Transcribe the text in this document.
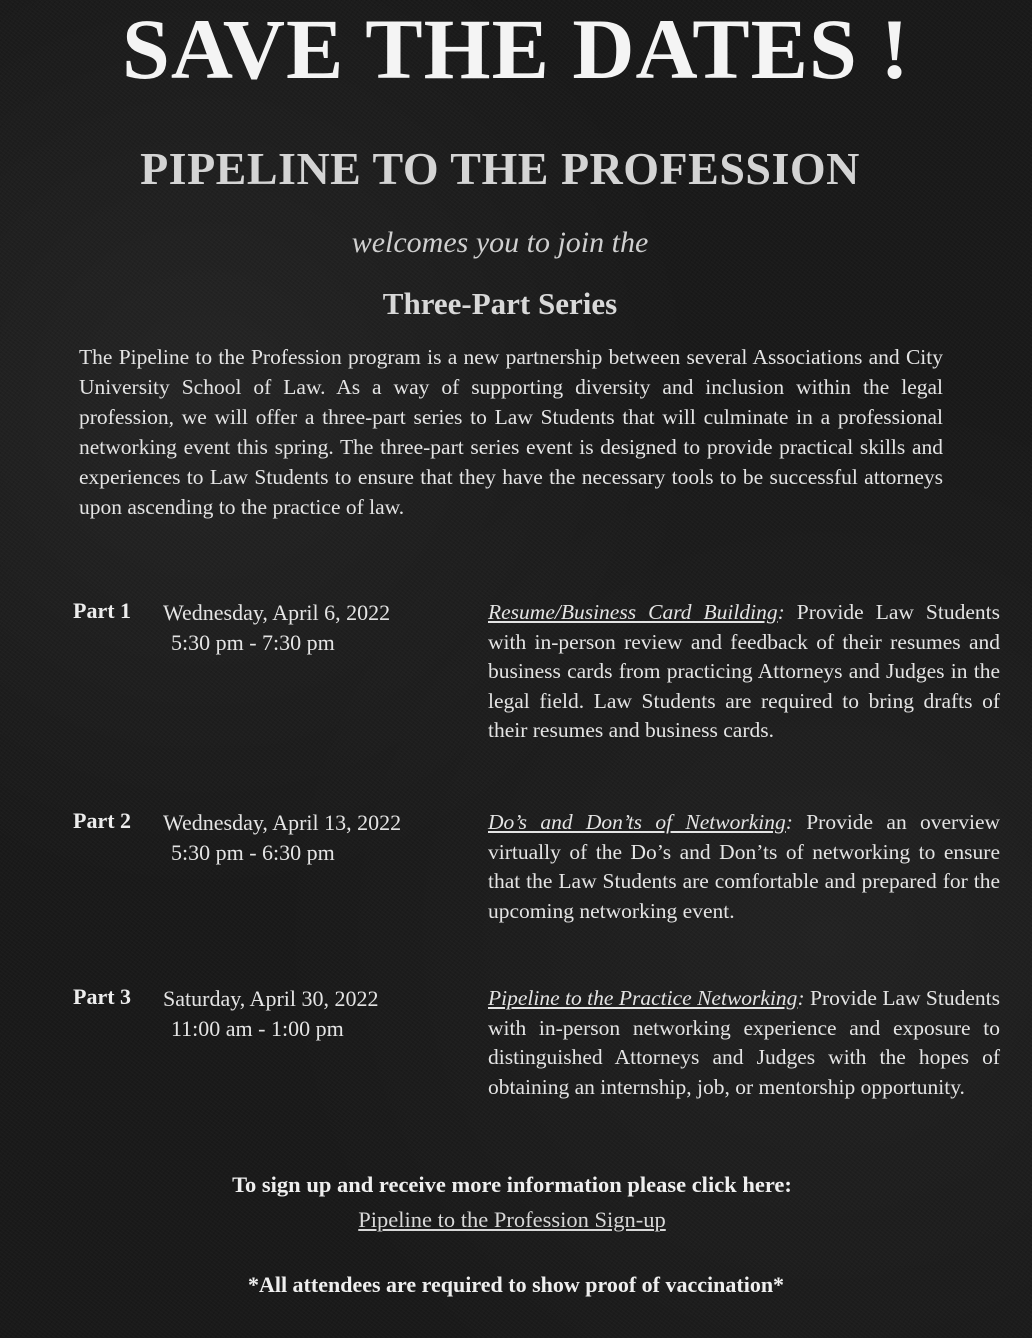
SAVE THE DATES !
PIPELINE TO THE PROFESSION
welcomes you to join the
Three-Part Series
The Pipeline to the Profession program is a new partnership between several Associations and City University School of Law. As a way of supporting diversity and inclusion within the legal profession, we will offer a three-part series to Law Students that will culminate in a professional networking event this spring. The three-part series event is designed to provide practical skills and experiences to Law Students to ensure that they have the necessary tools to be successful attorneys upon ascending to the practice of law.
Part 1 Wednesday, April 6, 2022
5:30 pm - 7:30 pm
Resume/Business Card Building: Provide Law Students with in-person review and feedback of their resumes and business cards from practicing Attorneys and Judges in the legal field. Law Students are required to bring drafts of their resumes and business cards.
Part 2 Wednesday, April 13, 2022
5:30 pm - 6:30 pm
Do’s and Don’ts of Networking: Provide an overview virtually of the Do’s and Don’ts of networking to ensure that the Law Students are comfortable and prepared for the upcoming networking event.
Part 3 Saturday, April 30, 2022
11:00 am - 1:00 pm
Pipeline to the Practice Networking: Provide Law Students with in-person networking experience and exposure to distinguished Attorneys and Judges with the hopes of obtaining an internship, job, or mentorship opportunity.
To sign up and receive more information please click here:
Pipeline to the Profession Sign-up
*All attendees are required to show proof of vaccination*
